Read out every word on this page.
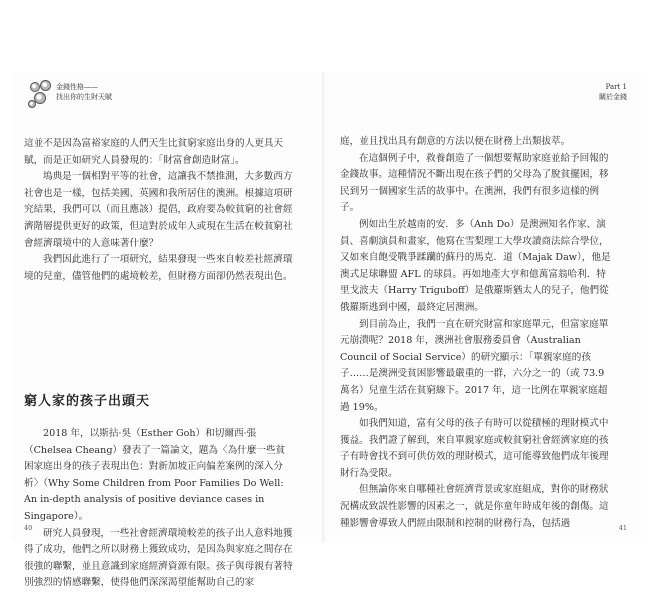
金錢性格——
找出你的生財天賦

這並不是因為富裕家庭的人們天生比貧窮家庭出身的人更具天賦，而是正如研究人員發現的：「財富會創造財富」。

塢典是一個相對平等的社會，這讓我不禁推測，大多數西方社會也是一樣，包括美國、英國和我所居住的澳洲。根據這項研究結果，我們可以（而且應該）提倡，政府要為較貧窮的社會經濟階層提供更好的政策，但這對於成年人或現在生活在較貧窮社會經濟環境中的人意味著什麼？

我們因此進行了一項研究，結果發現一些來自較差社經濟環境的兒童，儘管他們的處境較差，但財務方面卻仍然表現出色。

窮人家的孩子出頭天

2018 年，以斯拈·吳（Esther Goh）和切爾西·張（Chelsea Cheang）發表了一篇論文，題為〈為什麼一些貧困家庭出身的孩子表現出色：對新加坡正向偏差案例的深入分析〉（Why Some Children from Poor Families Do Well: An in-depth analysis of positive deviance cases in Singapore）。

研究人員發現，一些社會經濟環境較差的孩子出人意料地獲得了成功，他們之所以財務上獲致成功，是因為與家庭之間存在很強的聯繫，並且意識到家庭經濟資源有限。孩子與母親有著特別強烈的情感聯繫，使得他們深深渴望能幫助自己的家

40
Part 1
關於金錢

庭，並且找出具有創意的方法以便在財務上出類拔萃。

在這個例子中，救養創造了一個想要幫助家庭並給予回報的金錢故事。這種情況不斷出現在孩子們的父母為了脫貧擺困，移民到另一個國家生活的故事中。在澳洲，我們有很多這樣的例子。

例如出生於越南的安．多（Anh Do）是澳洲知名作家、演員、喜劇演員和畫家，他寫在雪梨理工大學攻讀商法綜合學位，又如來自飽受戰爭蹂躪的蘇丹的馬克．道（Majak Daw），他是澳式足球聯盟 AFL 的球員。再如地產大亨和億萬富翁哈利．特里戈波夫（Harry Triguboff）是俄羅斯猶太人的兒子，他們從俄羅斯逃到中國，最終定居澳洲。

到目前為止，我們一直在研究財富和家庭單元，但富家庭單元崩潰呢？2018 年，澳洲社會服務委員會（Australian Council of Social Service）的研究顯示：「單親家庭的孩子……是澳洲受貧困影響最嚴重的一群，六分之一的（或 73.9 萬名）兒童生活在貧窮線下。2017 年，這一比例在單親家庭超過 19%。

如我們知道，富有父母的孩子有時可以從積極的理財模式中獲益。我們證了解到，來自單親家庭或較貧窮社會經濟家庭的孩子有時會找不到可供仿效的理財模式，這可能導致他們成年後理財行為受限。

但無論你來自哪種社會經濟背景或家庭組成，對你的財務狀況構成致誤性影響的因素之一，就是你童年時成年後的創傷。這種影響會導致人們經由限制和控制的財務行為，包括過	41
